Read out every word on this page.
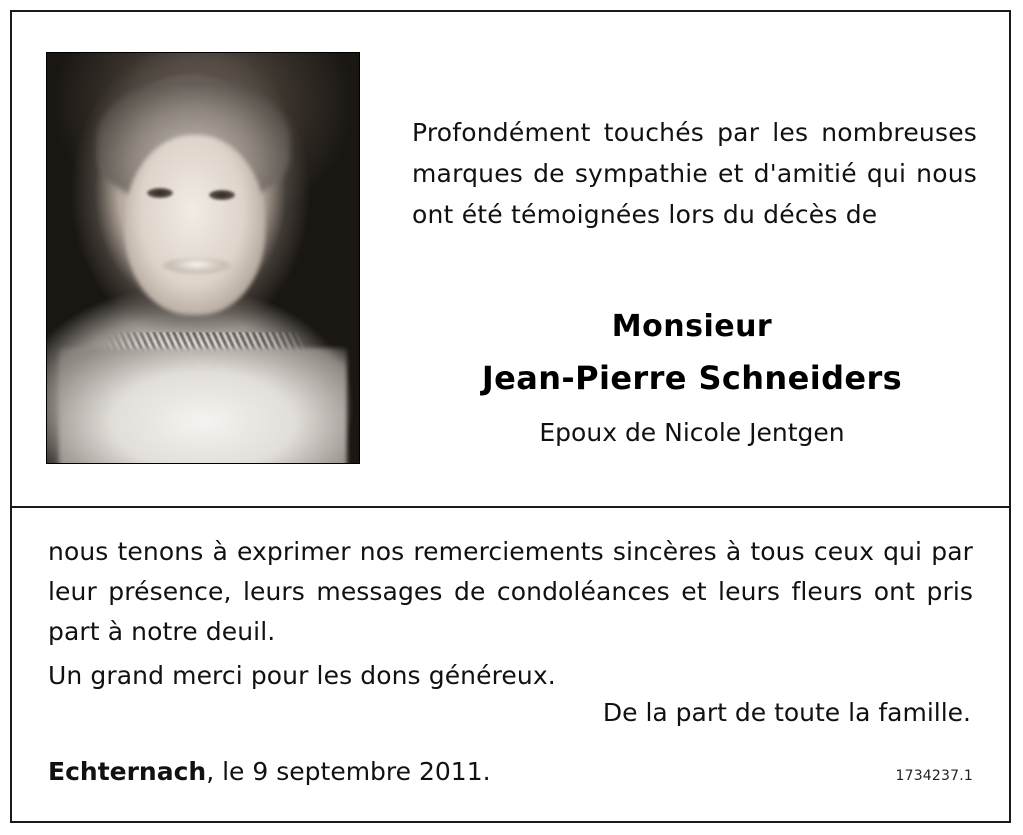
Profondément touchés par les nombreuses marques de sympathie et d'amitié qui nous ont été témoignées lors du décès de
Monsieur
Jean-Pierre Schneiders
Epoux de Nicole Jentgen

nous tenons à exprimer nos remerciements sincères à tous ceux qui par leur présence, leurs messages de condoléances et leurs fleurs ont pris part à notre deuil.

Un grand merci pour les dons généreux.

De la part de toute la famille.
Echternach, le 9 septembre 2011.	1734237.1
